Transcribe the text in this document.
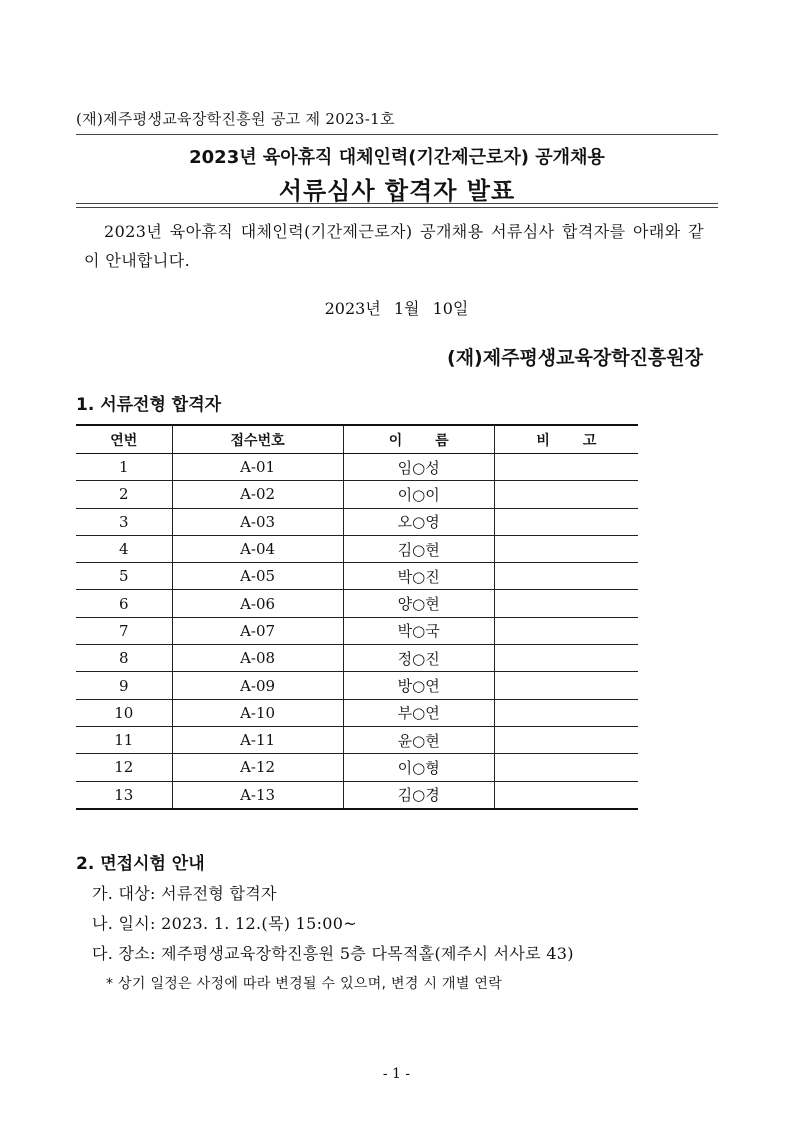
(재)제주평생교육장학진흥원 공고 제 2023-1호
2023년 육아휴직 대체인력(기간제근로자) 공개채용
서류심사 합격자 발표
2023년 육아휴직 대체인력(기간제근로자) 공개채용 서류심사 합격자를 아래와 같이 안내합니다.
2023년 1월 10일
(재)제주평생교육장학진흥원장
1. 서류전형 합격자
연번	접수번호	이 름	비 고
1	A-01	임○성	
2	A-02	이○이	
3	A-03	오○영	
4	A-04	김○현	
5	A-05	박○진	
6	A-06	양○현	
7	A-07	박○국	
8	A-08	정○진	
9	A-09	방○연	
10	A-10	부○연	
11	A-11	윤○현	
12	A-12	이○형	
13	A-13	김○경	
2. 면접시험 안내
가. 대상: 서류전형 합격자
나. 일시: 2023. 1. 12.(목) 15:00~
다. 장소: 제주평생교육장학진흥원 5층 다목적홀(제주시 서사로 43)
* 상기 일정은 사정에 따라 변경될 수 있으며, 변경 시 개별 연락
- 1 -
